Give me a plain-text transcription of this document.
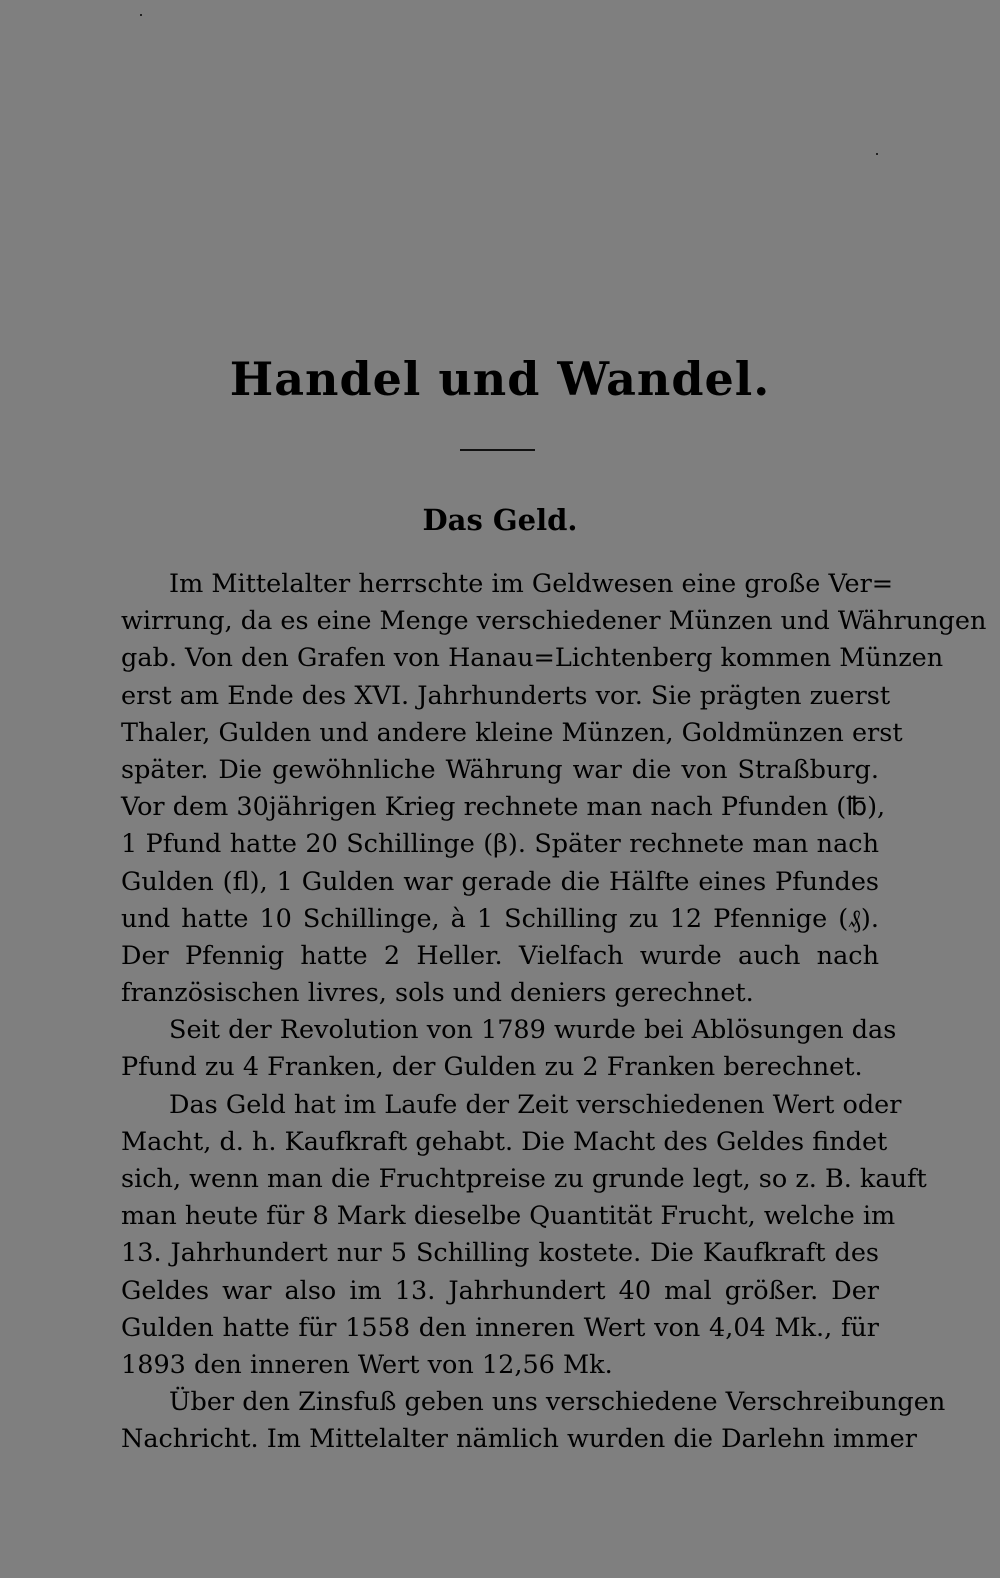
Handel und Wandel.
Das Geld.
Im Mittelalter herrschte im Geldwesen eine große Ver=
wirrung, da es eine Menge verschiedener Münzen und Währungen
gab. Von den Grafen von Hanau=Lichtenberg kommen Münzen
erst am Ende des XVI. Jahrhunderts vor. Sie prägten zuerst
Thaler, Gulden und andere kleine Münzen, Goldmünzen erst
später. Die gewöhnliche Währung war die von Straßburg.
Vor dem 30jährigen Krieg rechnete man nach Pfunden (℔),
1 Pfund hatte 20 Schillinge (β). Später rechnete man nach
Gulden (fl), 1 Gulden war gerade die Hälfte eines Pfundes
und hatte 10 Schillinge, à 1 Schilling zu 12 Pfennige (₰).
Der Pfennig hatte 2 Heller. Vielfach wurde auch nach
französischen livres, sols und deniers gerechnet.
Seit der Revolution von 1789 wurde bei Ablösungen das
Pfund zu 4 Franken, der Gulden zu 2 Franken berechnet.
Das Geld hat im Laufe der Zeit verschiedenen Wert oder
Macht, d. h. Kaufkraft gehabt. Die Macht des Geldes findet
sich, wenn man die Fruchtpreise zu grunde legt, so z. B. kauft
man heute für 8 Mark dieselbe Quantität Frucht, welche im
13. Jahrhundert nur 5 Schilling kostete. Die Kaufkraft des
Geldes war also im 13. Jahrhundert 40 mal größer. Der
Gulden hatte für 1558 den inneren Wert von 4,04 Mk., für
1893 den inneren Wert von 12,56 Mk.
Über den Zinsfuß geben uns verschiedene Verschreibungen
Nachricht. Im Mittelalter nämlich wurden die Darlehn immer
